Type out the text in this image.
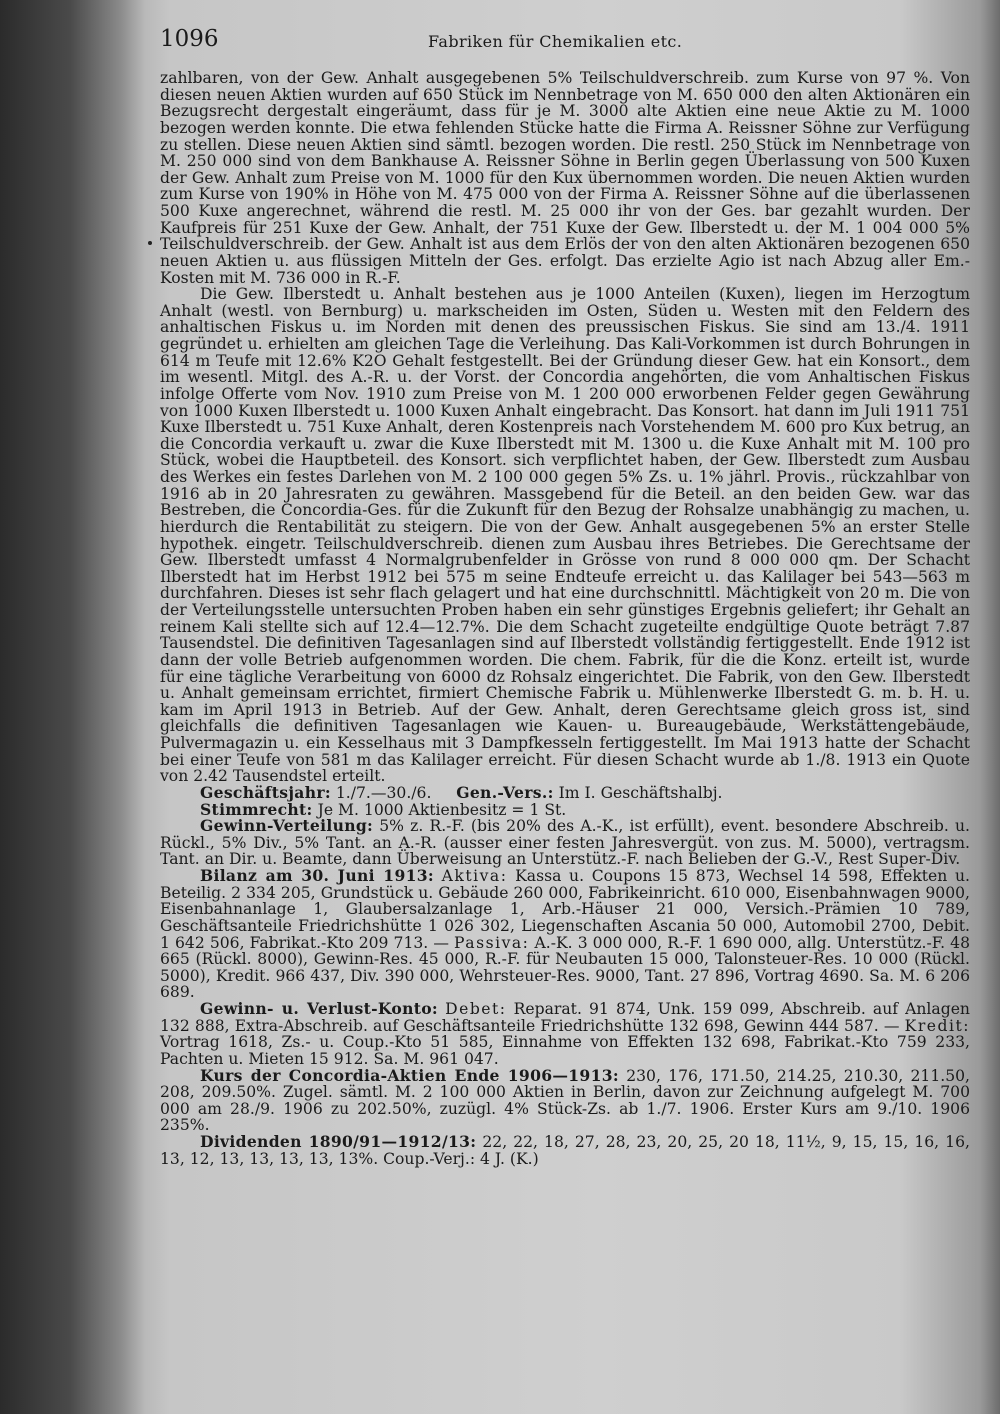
1096	Fabriken für Chemikalien etc.

zahlbaren, von der Gew. Anhalt ausgegebenen 5% Teilschuldverschreib. zum Kurse von 97 %. Von diesen neuen Aktien wurden auf 650 Stück im Nennbetrage von M. 650 000 den alten Aktionären ein Bezugsrecht dergestalt eingeräumt, dass für je M. 3000 alte Aktien eine neue Aktie zu M. 1000 bezogen werden konnte. Die etwa fehlenden Stücke hatte die Firma A. Reissner Söhne zur Verfügung zu stellen. Diese neuen Aktien sind sämtl. bezogen worden. Die restl. 250 Stück im Nennbetrage von M. 250 000 sind von dem Bankhause A. Reissner Söhne in Berlin gegen Überlassung von 500 Kuxen der Gew. Anhalt zum Preise von M. 1000 für den Kux übernommen worden. Die neuen Aktien wurden zum Kurse von 190% in Höhe von M. 475 000 von der Firma A. Reissner Söhne auf die überlassenen 500 Kuxe angerechnet, während die restl. M. 25 000 ihr von der Ges. bar gezahlt wurden. Der Kaufpreis für 251 Kuxe der Gew. Anhalt, der 751 Kuxe der Gew. Ilberstedt u. der M. 1 004 000 5% Teilschuldverschreib. der Gew. Anhalt ist aus dem Erlös der von den alten Aktionären bezogenen 650 neuen Aktien u. aus flüssigen Mitteln der Ges. erfolgt. Das erzielte Agio ist nach Abzug aller Em.-Kosten mit M. 736 000 in R.-F.

Die Gew. Ilberstedt u. Anhalt bestehen aus je 1000 Anteilen (Kuxen), liegen im Herzogtum Anhalt (westl. von Bernburg) u. markscheiden im Osten, Süden u. Westen mit den Feldern des anhaltischen Fiskus u. im Norden mit denen des preussischen Fiskus. Sie sind am 13./4. 1911 gegründet u. erhielten am gleichen Tage die Verleihung. Das Kali-Vorkommen ist durch Bohrungen in 614 m Teufe mit 12.6% K2O Gehalt festgestellt. Bei der Gründung dieser Gew. hat ein Konsort., dem im wesentl. Mitgl. des A.-R. u. der Vorst. der Concordia angehörten, die vom Anhaltischen Fiskus infolge Offerte vom Nov. 1910 zum Preise von M. 1 200 000 erworbenen Felder gegen Gewährung von 1000 Kuxen Ilberstedt u. 1000 Kuxen Anhalt eingebracht. Das Konsort. hat dann im Juli 1911 751 Kuxe Ilberstedt u. 751 Kuxe Anhalt, deren Kostenpreis nach Vorstehendem M. 600 pro Kux betrug, an die Concordia verkauft u. zwar die Kuxe Ilberstedt mit M. 1300 u. die Kuxe Anhalt mit M. 100 pro Stück, wobei die Hauptbeteil. des Konsort. sich verpflichtet haben, der Gew. Ilberstedt zum Ausbau des Werkes ein festes Darlehen von M. 2 100 000 gegen 5% Zs. u. 1% jährl. Provis., rückzahlbar von 1916 ab in 20 Jahresraten zu gewähren. Massgebend für die Beteil. an den beiden Gew. war das Bestreben, die Concordia-Ges. für die Zukunft für den Bezug der Rohsalze unabhängig zu machen, u. hierdurch die Rentabilität zu steigern. Die von der Gew. Anhalt ausgegebenen 5% an erster Stelle hypothek. eingetr. Teilschuldverschreib. dienen zum Ausbau ihres Betriebes. Die Gerechtsame der Gew. Ilberstedt umfasst 4 Normalgrubenfelder in Grösse von rund 8 000 000 qm. Der Schacht Ilberstedt hat im Herbst 1912 bei 575 m seine Endteufe erreicht u. das Kalilager bei 543—563 m durchfahren. Dieses ist sehr flach gelagert und hat eine durchschnittl. Mächtigkeit von 20 m. Die von der Verteilungsstelle untersuchten Proben haben ein sehr günstiges Ergebnis geliefert; ihr Gehalt an reinem Kali stellte sich auf 12.4—12.7%. Die dem Schacht zugeteilte endgültige Quote beträgt 7.87 Tausendstel. Die definitiven Tagesanlagen sind auf Ilberstedt vollständig fertiggestellt. Ende 1912 ist dann der volle Betrieb aufgenommen worden. Die chem. Fabrik, für die die Konz. erteilt ist, wurde für eine tägliche Verarbeitung von 6000 dz Rohsalz eingerichtet. Die Fabrik, von den Gew. Ilberstedt u. Anhalt gemeinsam errichtet, firmiert Chemische Fabrik u. Mühlenwerke Ilberstedt G. m. b. H. u. kam im April 1913 in Betrieb. Auf der Gew. Anhalt, deren Gerechtsame gleich gross ist, sind gleichfalls die definitiven Tagesanlagen wie Kauen- u. Bureaugebäude, Werkstättengebäude, Pulvermagazin u. ein Kesselhaus mit 3 Dampfkesseln fertiggestellt. Im Mai 1913 hatte der Schacht bei einer Teufe von 581 m das Kalilager erreicht. Für diesen Schacht wurde ab 1./8. 1913 ein Quote von 2.42 Tausendstel erteilt.

Geschäftsjahr: 1./7.—30./6. Gen.-Vers.: Im I. Geschäftshalbj.

Stimmrecht: Je M. 1000 Aktienbesitz = 1 St.

Gewinn-Verteilung: 5% z. R.-F. (bis 20% des A.-K., ist erfüllt), event. besondere Abschreib. u. Rückl., 5% Div., 5% Tant. an A.-R. (ausser einer festen Jahresvergüt. von zus. M. 5000), vertragsm. Tant. an Dir. u. Beamte, dann Überweisung an Unterstütz.-F. nach Belieben der G.-V., Rest Super-Div.

Bilanz am 30. Juni 1913: Aktiva: Kassa u. Coupons 15 873, Wechsel 14 598, Effekten u. Beteilig. 2 334 205, Grundstück u. Gebäude 260 000, Fabrikeinricht. 610 000, Eisenbahnwagen 9000, Eisenbahnanlage 1, Glaubersalzanlage 1, Arb.-Häuser 21 000, Versich.-Prämien 10 789, Geschäftsanteile Friedrichshütte 1 026 302, Liegenschaften Ascania 50 000, Automobil 2700, Debit. 1 642 506, Fabrikat.-Kto 209 713. — Passiva: A.-K. 3 000 000, R.-F. 1 690 000, allg. Unterstütz.-F. 48 665 (Rückl. 8000), Gewinn-Res. 45 000, R.-F. für Neubauten 15 000, Talonsteuer-Res. 10 000 (Rückl. 5000), Kredit. 966 437, Div. 390 000, Wehrsteuer-Res. 9000, Tant. 27 896, Vortrag 4690. Sa. M. 6 206 689.

Gewinn- u. Verlust-Konto: Debet: Reparat. 91 874, Unk. 159 099, Abschreib. auf Anlagen 132 888, Extra-Abschreib. auf Geschäftsanteile Friedrichshütte 132 698, Gewinn 444 587. — Kredit: Vortrag 1618, Zs.- u. Coup.-Kto 51 585, Einnahme von Effekten 132 698, Fabrikat.-Kto 759 233, Pachten u. Mieten 15 912. Sa. M. 961 047.

Kurs der Concordia-Aktien Ende 1906—1913: 230, 176, 171.50, 214.25, 210.30, 211.50, 208, 209.50%. Zugel. sämtl. M. 2 100 000 Aktien in Berlin, davon zur Zeichnung aufgelegt M. 700 000 am 28./9. 1906 zu 202.50%, zuzügl. 4% Stück-Zs. ab 1./7. 1906. Erster Kurs am 9./10. 1906 235%.

Dividenden 1890/91—1912/13: 22, 22, 18, 27, 28, 23, 20, 25, 20 18, 11½, 9, 15, 15, 16, 16, 13, 12, 13, 13, 13, 13, 13%. Coup.-Verj.: 4 J. (K.)
